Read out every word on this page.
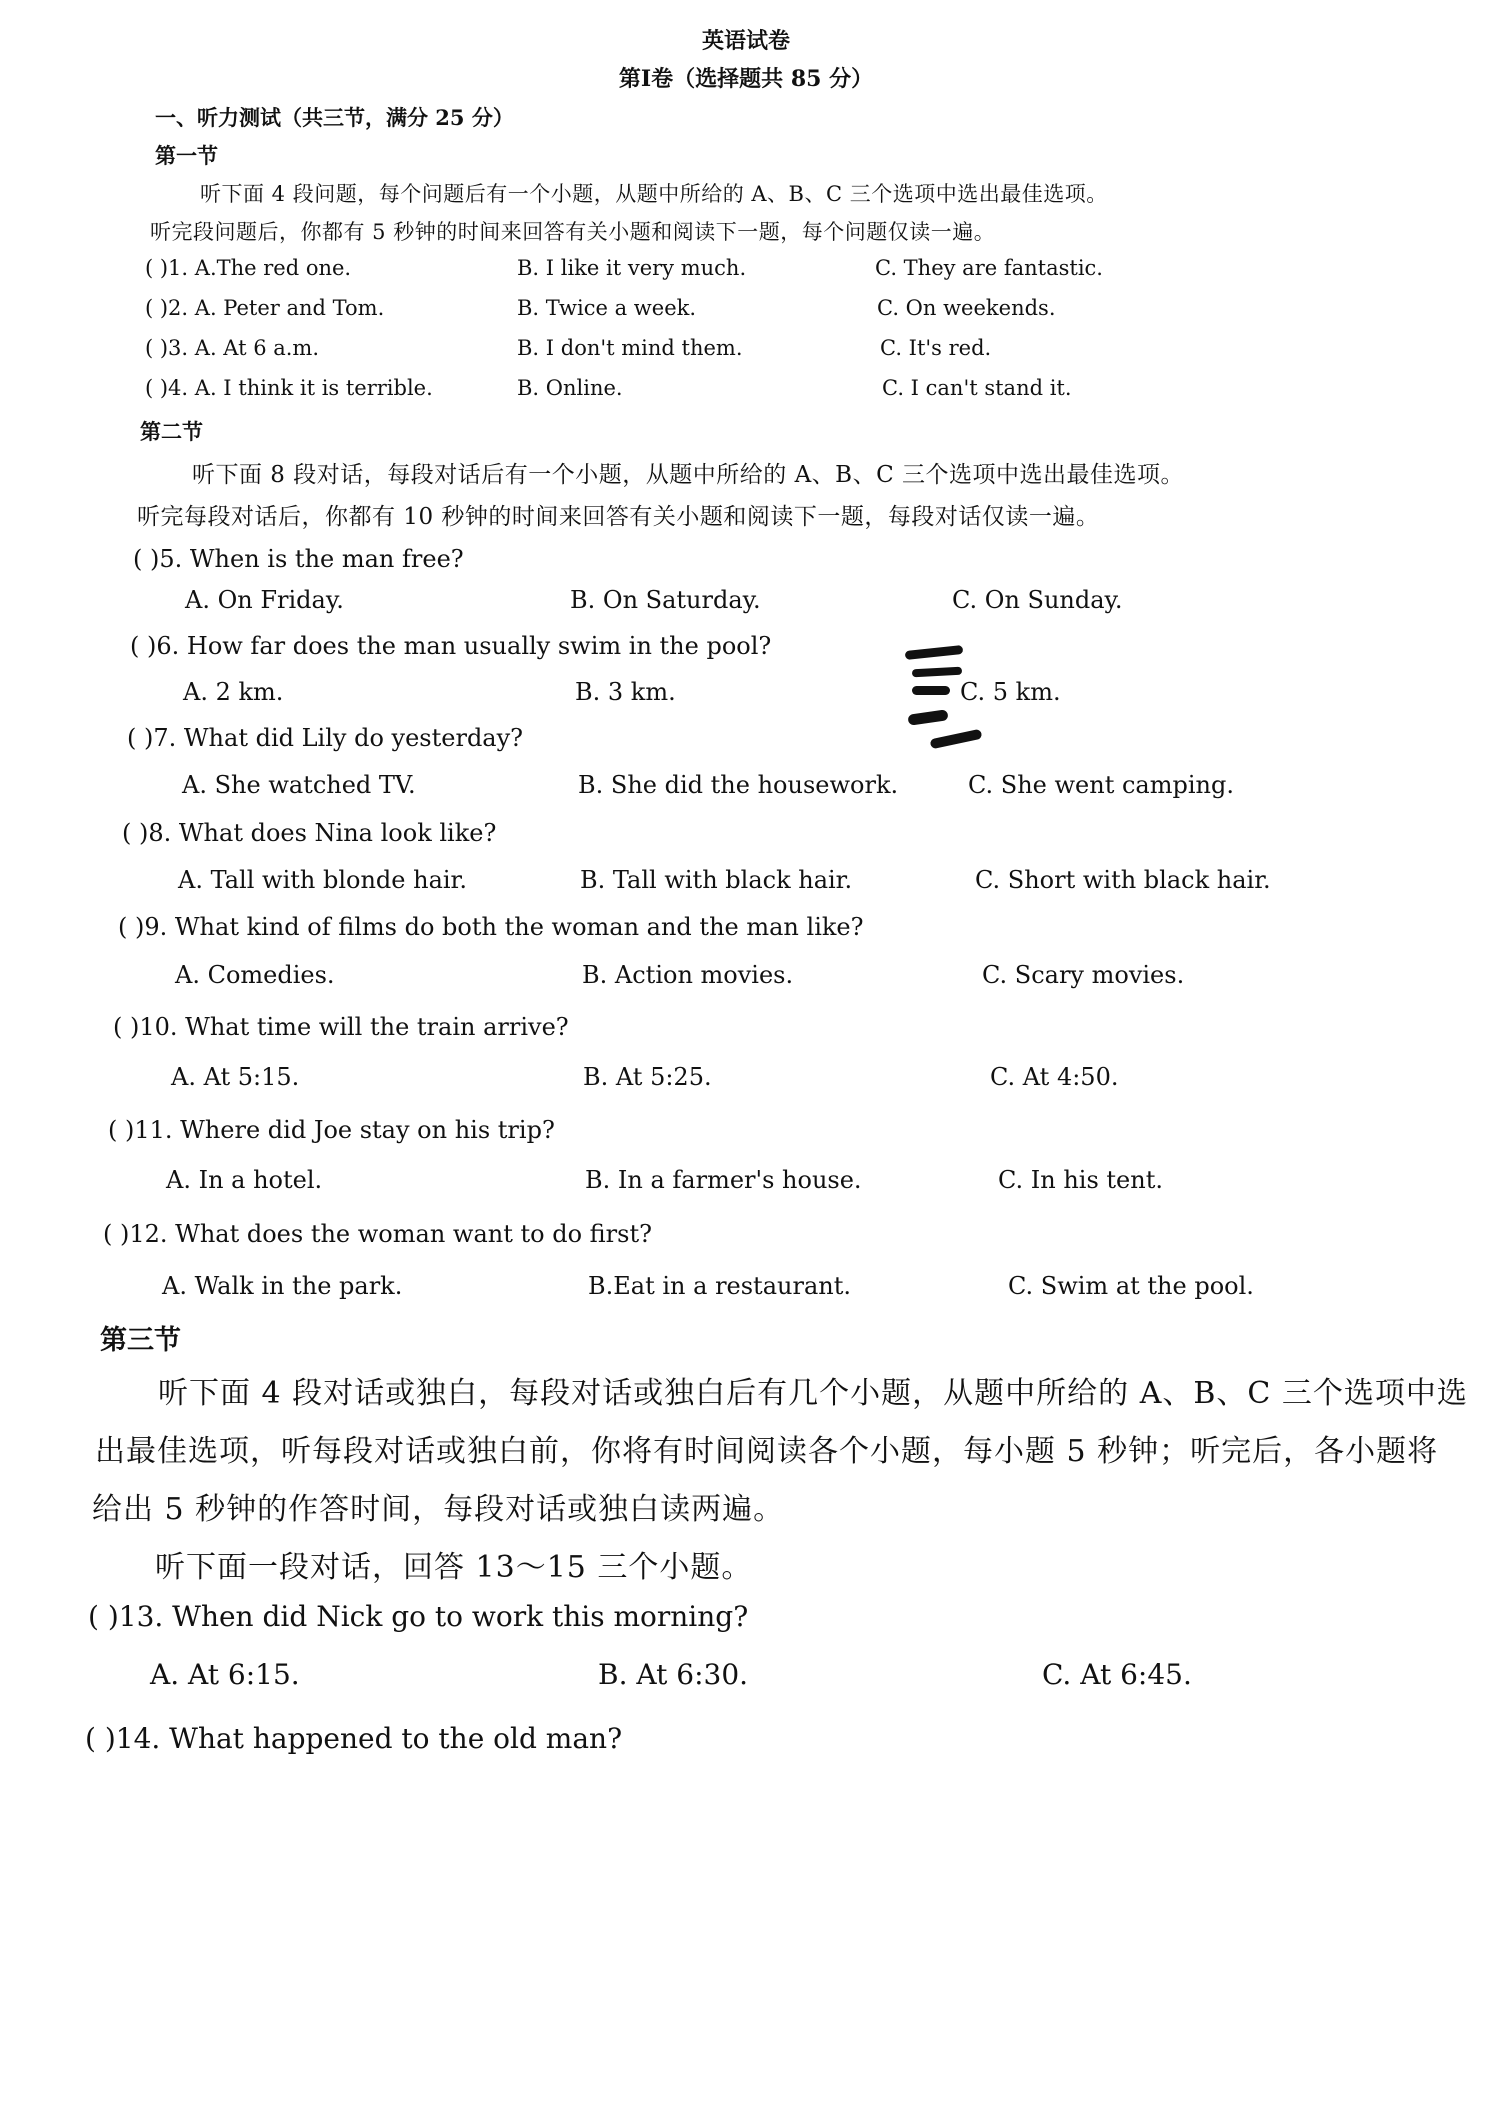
英语试卷
第Ⅰ卷（选择题共 85 分）
一、听力测试（共三节，满分 25 分）
第一节
听下面 4 段问题，每个问题后有一个小题，从题中所给的 A、B、C 三个选项中选出最佳选项。
听完段问题后，你都有 5 秒钟的时间来回答有关小题和阅读下一题，每个问题仅读一遍。
( )1. A.The red one.	B. I like it very much.	C. They are fantastic.
( )2. A. Peter and Tom.	B. Twice a week.	C. On weekends.
( )3. A. At 6 a.m.	B. I don't mind them.	C. It's red.
( )4. A. I think it is terrible.	B. Online.	C. I can't stand it.
第二节
听下面 8 段对话，每段对话后有一个小题，从题中所给的 A、B、C 三个选项中选出最佳选项。
听完每段对话后，你都有 10 秒钟的时间来回答有关小题和阅读下一题，每段对话仅读一遍。
( )5. When is the man free?
A. On Friday.	B. On Saturday.	C. On Sunday.
( )6. How far does the man usually swim in the pool?
A. 2 km.	B. 3 km.	C. 5 km.
( )7. What did Lily do yesterday?
A. She watched TV.	B. She did the housework.	C. She went camping.
( )8. What does Nina look like?
A. Tall with blonde hair.	B. Tall with black hair.	C. Short with black hair.
( )9. What kind of films do both the woman and the man like?
A. Comedies.	B. Action movies.	C. Scary movies.
( )10. What time will the train arrive?
A. At 5:15.	B. At 5:25.	C. At 4:50.
( )11. Where did Joe stay on his trip?
A. In a hotel.	B. In a farmer's house.	C. In his tent.
( )12. What does the woman want to do first?
A. Walk in the park.	B.Eat in a restaurant.	C. Swim at the pool.
第三节
听下面 4 段对话或独白，每段对话或独白后有几个小题，从题中所给的 A、B、C 三个选项中选
出最佳选项，听每段对话或独白前，你将有时间阅读各个小题，每小题 5 秒钟；听完后，各小题将
给出 5 秒钟的作答时间，每段对话或独白读两遍。
听下面一段对话，回答 13～15 三个小题。
( )13. When did Nick go to work this morning?
A. At 6:15.	B. At 6:30.	C. At 6:45.
( )14. What happened to the old man?
